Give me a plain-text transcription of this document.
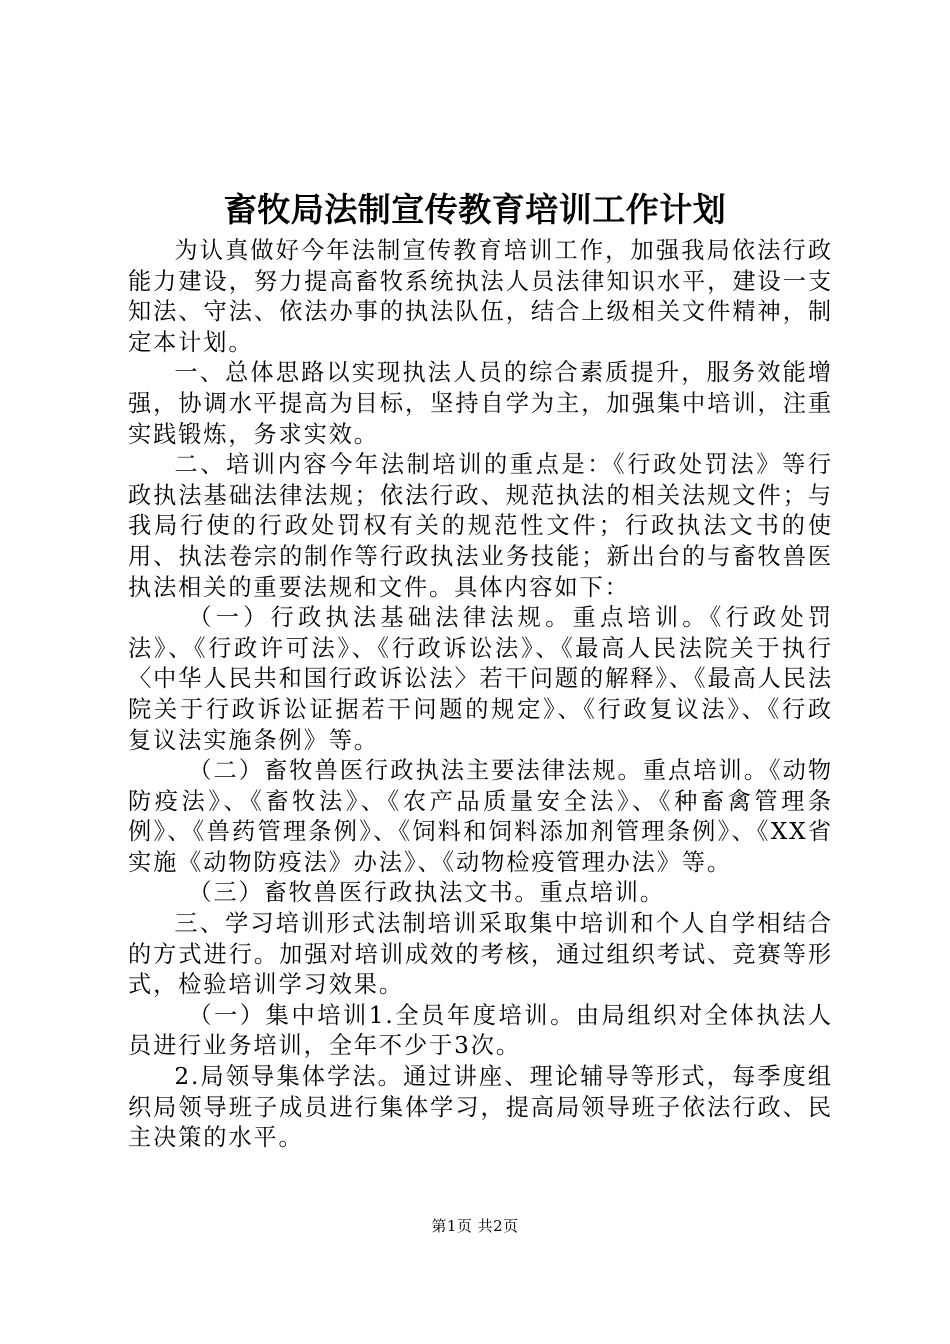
畜牧局法制宣传教育培训工作计划

为认真做好今年法制宣传教育培训工作，加强我局依法行政能力建设，努力提高畜牧系统执法人员法律知识水平，建设一支知法、守法、依法办事的执法队伍，结合上级相关文件精神，制定本计划。

一、总体思路以实现执法人员的综合素质提升，服务效能增强，协调水平提高为目标，坚持自学为主，加强集中培训，注重实践锻炼，务求实效。

二、培训内容今年法制培训的重点是：《行政处罚法》等行政执法基础法律法规；依法行政、规范执法的相关法规文件；与我局行使的行政处罚权有关的规范性文件；行政执法文书的使用、执法卷宗的制作等行政执法业务技能；新出台的与畜牧兽医执法相关的重要法规和文件。具体内容如下：

（一）行政执法基础法律法规。重点培训。《行政处罚法》、《行政许可法》、《行政诉讼法》、《最高人民法院关于执行〈中华人民共和国行政诉讼法〉若干问题的解释》、《最高人民法院关于行政诉讼证据若干问题的规定》、《行政复议法》、《行政复议法实施条例》等。

（二）畜牧兽医行政执法主要法律法规。重点培训。《动物防疫法》、《畜牧法》、《农产品质量安全法》、《种畜禽管理条例》、《兽药管理条例》、《饲料和饲料添加剂管理条例》、《XX省实施《动物防疫法》办法》、《动物检疫管理办法》等。

（三）畜牧兽医行政执法文书。重点培训。

三、学习培训形式法制培训采取集中培训和个人自学相结合的方式进行。加强对培训成效的考核，通过组织考试、竞赛等形式，检验培训学习效果。

（一）集中培训1.全员年度培训。由局组织对全体执法人员进行业务培训，全年不少于3次。

2.局领导集体学法。通过讲座、理论辅导等形式，每季度组织局领导班子成员进行集体学习，提高局领导班子依法行政、民主决策的水平。

第1页 共2页
